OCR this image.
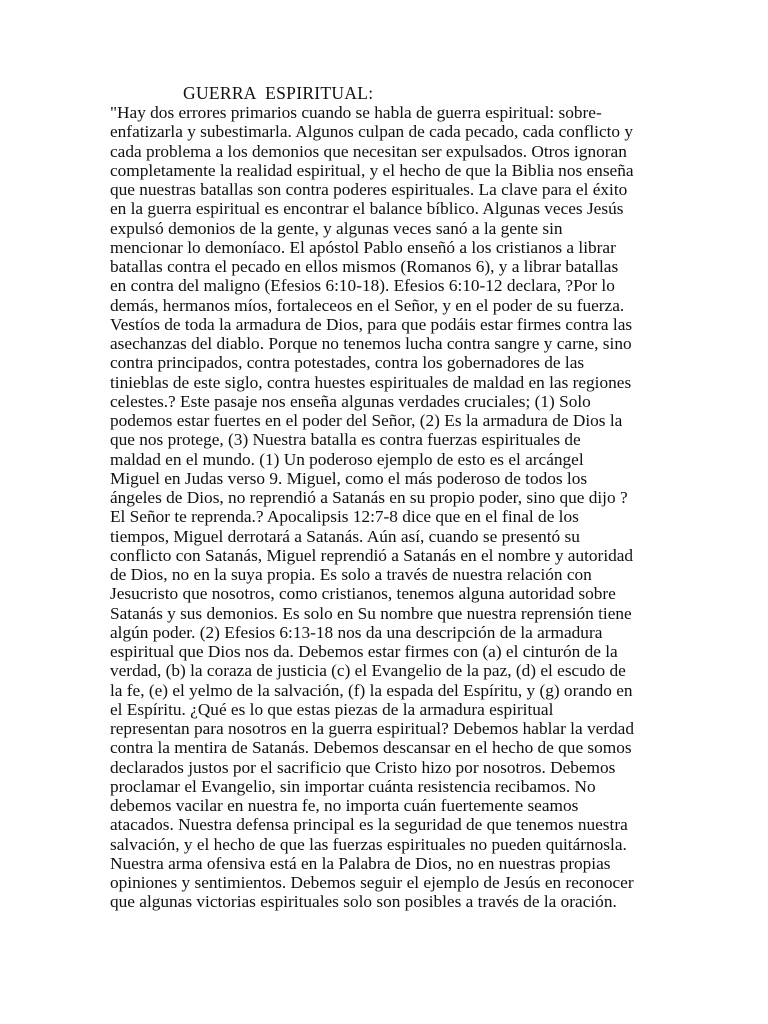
GUERRA  ESPIRITUAL:
"Hay dos errores primarios cuando se habla de guerra espiritual: sobre-
enfatizarla y subestimarla. Algunos culpan de cada pecado, cada conflicto y
cada problema a los demonios que necesitan ser expulsados. Otros ignoran
completamente la realidad espiritual, y el hecho de que la Biblia nos enseña
que nuestras batallas son contra poderes espirituales. La clave para el éxito
en la guerra espiritual es encontrar el balance bíblico. Algunas veces Jesús
expulsó demonios de la gente, y algunas veces sanó a la gente sin
mencionar lo demoníaco. El apóstol Pablo enseñó a los cristianos a librar
batallas contra el pecado en ellos mismos (Romanos 6), y a librar batallas
en contra del maligno (Efesios 6:10-18). Efesios 6:10-12 declara, ?Por lo
demás, hermanos míos, fortaleceos en el Señor, y en el poder de su fuerza.
Vestíos de toda la armadura de Dios, para que podáis estar firmes contra las
asechanzas del diablo. Porque no tenemos lucha contra sangre y carne, sino
contra principados, contra potestades, contra los gobernadores de las
tinieblas de este siglo, contra huestes espirituales de maldad en las regiones
celestes.? Este pasaje nos enseña algunas verdades cruciales; (1) Solo
podemos estar fuertes en el poder del Señor, (2) Es la armadura de Dios la
que nos protege, (3) Nuestra batalla es contra fuerzas espirituales de
maldad en el mundo. (1) Un poderoso ejemplo de esto es el arcángel
Miguel en Judas verso 9. Miguel, como el más poderoso de todos los
ángeles de Dios, no reprendió a Satanás en su propio poder, sino que dijo ?
El Señor te reprenda.? Apocalipsis 12:7-8 dice que en el final de los
tiempos, Miguel derrotará a Satanás. Aún así, cuando se presentó su
conflicto con Satanás, Miguel reprendió a Satanás en el nombre y autoridad
de Dios, no en la suya propia. Es solo a través de nuestra relación con
Jesucristo que nosotros, como cristianos, tenemos alguna autoridad sobre
Satanás y sus demonios. Es solo en Su nombre que nuestra reprensión tiene
algún poder. (2) Efesios 6:13-18 nos da una descripción de la armadura
espiritual que Dios nos da. Debemos estar firmes con (a) el cinturón de la
verdad, (b) la coraza de justicia (c) el Evangelio de la paz, (d) el escudo de
la fe, (e) el yelmo de la salvación, (f) la espada del Espíritu, y (g) orando en
el Espíritu. ¿Qué es lo que estas piezas de la armadura espiritual
representan para nosotros en la guerra espiritual? Debemos hablar la verdad
contra la mentira de Satanás. Debemos descansar en el hecho de que somos
declarados justos por el sacrificio que Cristo hizo por nosotros. Debemos
proclamar el Evangelio, sin importar cuánta resistencia recibamos. No
debemos vacilar en nuestra fe, no importa cuán fuertemente seamos
atacados. Nuestra defensa principal es la seguridad de que tenemos nuestra
salvación, y el hecho de que las fuerzas espirituales no pueden quitárnosla.
Nuestra arma ofensiva está en la Palabra de Dios, no en nuestras propias
opiniones y sentimientos. Debemos seguir el ejemplo de Jesús en reconocer
que algunas victorias espirituales solo son posibles a través de la oración.
